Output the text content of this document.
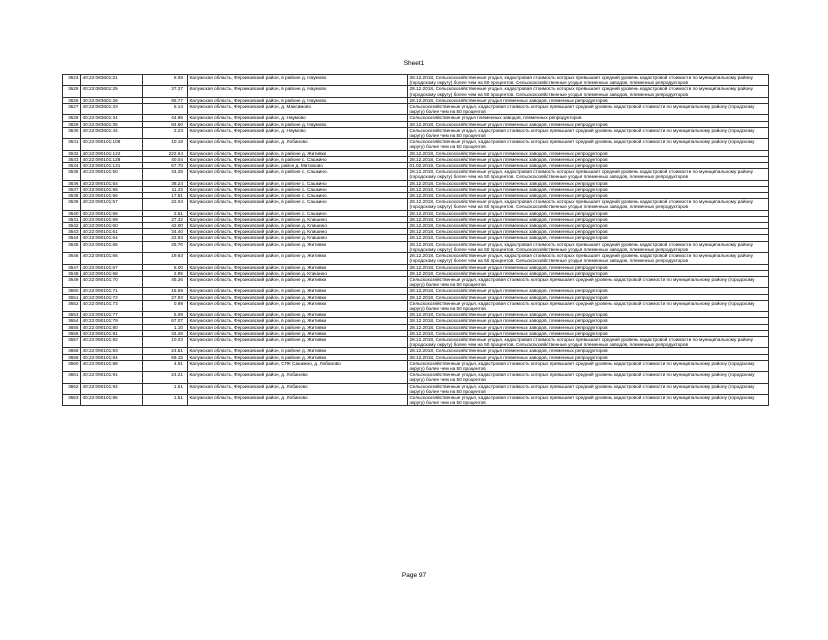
Sheet1
3624	40:22:083601:21	6.08	Калужская область, Ферзиковский район, в районе д. Наумово	28.12.2018, Сельскохозяйственные угодья, кадастровая стоимость которых превышает средний уровень кадастровой стоимости по муниципальному району (городскому округу) более чем на 50 процентов. Сельскохозяйственные угодья племенных заводов, племенных репродукторов
3625	40:22:083601:25	37.27	Калужская область, Ферзиковский район, в районе д. Наумово	28.12.2018, Сельскохозяйственные угодья, кадастровая стоимость которых превышает средний уровень кадастровой стоимости по муниципальному району (городскому округу) более чем на 50 процентов. Сельскохозяйственные угодья племенных заводов, племенных репродукторов
3626	40:22:083601:26	85.77	Калужская область, Ферзиковский район, в районе д. Наумово	28.12.2018, Сельскохозяйственные угодья племенных заводов, племенных репродукторов
3627	40:22:083601:33	5.14	Калужская область, Ферзиковский район, д. Максимово	Сельскохозяйственные угодья, кадастровая стоимость которых превышает средний уровень кадастровой стоимости по муниципальному району (городскому округу) более чем на 50 процентов
3628	40:22:083601:34	44.95	Калужская область, Ферзиковский район, д. Наумово	Сельскохозяйственные угодья племенных заводов, племенных репродукторов
3629	40:22:083601:35	84.60	Калужская область, Ферзиковский район, в районе д. Наумово	28.12.2018, Сельскохозяйственные угодья племенных заводов, племенных репродукторов
3630	40:22:083601:44	2.23	Калужская область, Ферзиковский район, д. Наумово	Сельскохозяйственные угодья, кадастровая стоимость которых превышает средний уровень кадастровой стоимости по муниципальному району (городскому округу) более чем на 50 процентов
3631	40:22:090101:108	10.18	Калужская область, Ферзиковский район, д. Лобаново	Сельскохозяйственные угодья, кадастровая стоимость которых превышает средний уровень кадастровой стоимости по муниципальному району (городскому округу) более чем на 50 процентов
3632	40:22:090101:122	222.64	Калужская область, Ферзиковский район, в районе д. Житивки	28.12.2018, Сельскохозяйственные угодья племенных заводов, племенных репродукторов
3633	40:22:090101:128	40.04	Калужская область, Ферзиковский район, в районе с. Сашкино	28.12.2018, Сельскохозяйственные угодья племенных заводов, племенных репродукторов
3634	40:22:090101:131	67.70	Калужская область, Ферзиковский район, район д. Митюково	01.02.2019, Сельскохозяйственные угодья племенных заводов, племенных репродукторов
3635	40:22:090101:50	34.25	Калужская область, Ферзиковский район, в районе с. Сашкино.	28.12.2018, Сельскохозяйственные угодья, кадастровая стоимость которых превышает средний уровень кадастровой стоимости по муниципальному району (городскому округу) более чем на 50 процентов. Сельскохозяйственные угодья племенных заводов, племенных репродукторов
3636	40:22:090101:54	38.24	Калужская область, Ферзиковский район, в районе с. Сашкино	28.12.2018, Сельскохозяйственные угодья племенных заводов, племенных репродукторов
3637	40:22:090101:55	11.43	Калужская область, Ферзиковский район, в районе с. Сашкино	28.12.2018, Сельскохозяйственные угодья племенных заводов, племенных репродукторов
3638	40:22:090101:56	17.81	Калужская область, Ферзиковский район, в районе с. Сашкино	28.12.2018, Сельскохозяйственные угодья племенных заводов, племенных репродукторов
3639	40:22:090101:57	22.04	Калужская область, Ферзиковский район, в районе с. Сашкино	28.12.2018, Сельскохозяйственные угодья, кадастровая стоимость которых превышает средний уровень кадастровой стоимости по муниципальному району (городскому округу) более чем на 50 процентов. Сельскохозяйственные угодья племенных заводов, племенных репродукторов
3640	40:22:090101:58	2.61	Калужская область, Ферзиковский район, в районе с. Сашкино	28.12.2018, Сельскохозяйственные угодья племенных заводов, племенных репродукторов
3641	40:22:090101:59	27.42	Калужская область, Ферзиковский район, в районе д. Клишино	28.12.2018, Сельскохозяйственные угодья племенных заводов, племенных репродукторов
3642	40:22:090101:60	42.00	Калужская область, Ферзиковский район, в районе д. Клишино	28.12.2018, Сельскохозяйственные угодья племенных заводов, племенных репродукторов
3643	40:22:090101:61	34.40	Калужская область, Ферзиковский район, в районе д. Клишино	28.12.2018, Сельскохозяйственные угодья племенных заводов, племенных репродукторов
3644	40:22:090101:64	22.93	Калужская область, Ферзиковский район, в районе д. Клишино	28.12.2018, Сельскохозяйственные угодья племенных заводов, племенных репродукторов
3645	40:22:090101:65	25.70	Калужская область, Ферзиковский район, в районе д. Житивки	28.12.2018, Сельскохозяйственные угодья, кадастровая стоимость которых превышает средний уровень кадастровой стоимости по муниципальному району (городскому округу) более чем на 50 процентов. Сельскохозяйственные угодья племенных заводов, племенных репродукторов
3646	40:22:090101:66	19.63	Калужская область, Ферзиковский район, в районе д. Житивки	28.12.2018, Сельскохозяйственные угодья, кадастровая стоимость которых превышает средний уровень кадастровой стоимости по муниципальному району (городскому округу) более чем на 50 процентов. Сельскохозяйственные угодья племенных заводов, племенных репродукторов
3647	40:22:090101:67	6.00	Калужская область, Ферзиковский район, в районе д. Житивки	28.12.2018, Сельскохозяйственные угодья племенных заводов, племенных репродукторов
3648	40:22:090101:68	2.95	Калужская область, Ферзиковский район, в районе д. Клишино	28.12.2018, Сельскохозяйственные угодья племенных заводов, племенных репродукторов
3649	40:22:090101:70	45.26	Калужская область, Ферзиковский район, в районе д. Житивки	Сельскохозяйственные угодья, кадастровая стоимость которых превышает средний уровень кадастровой стоимости по муниципальному району (городскому округу) более чем на 50 процентов
3650	40:22:090101:71	16.59	Калужская область, Ферзиковский район, в районе д. Житивки	28.12.2018, Сельскохозяйственные угодья племенных заводов, племенных репродукторов
3651	40:22:090101:72	27.93	Калужская область, Ферзиковский район, в районе д. Житивки	28.12.2018, Сельскохозяйственные угодья племенных заводов, племенных репродукторов
3652	40:22:090101:73	0.89	Калужская область, Ферзиковский район, в районе д. Житивки	Сельскохозяйственные угодья, кадастровая стоимость которых превышает средний уровень кадастровой стоимости по муниципальному району (городскому округу) более чем на 50 процентов
3653	40:22:090101:77	5.09	Калужская область, Ферзиковский район, в районе д. Житивки	28.12.2018, Сельскохозяйственные угодья племенных заводов, племенных репродукторов
3654	40:22:090101:79	67.07	Калужская область, Ферзиковский район, в районе д. Житивки	28.12.2018, Сельскохозяйственные угодья племенных заводов, племенных репродукторов
3655	40:22:090101:80	1.10	Калужская область, Ферзиковский район, в районе д. Житивки	28.12.2018, Сельскохозяйственные угодья племенных заводов, племенных репродукторов
3656	40:22:090101:81	34.26	Калужская область, Ферзиковский район, в районе д. Житивки	28.12.2018, Сельскохозяйственные угодья племенных заводов, племенных репродукторов
3657	40:22:090101:82	10.03	Калужская область, Ферзиковский район, в районе д. Житивки	28.12.2018, Сельскохозяйственные угодья, кадастровая стоимость которых превышает средний уровень кадастровой стоимости по муниципальному району (городскому округу) более чем на 50 процентов. Сельскохозяйственные угодья племенных заводов, племенных репродукторов
3658	40:22:090101:83	24.61	Калужская область, Ферзиковский район, в районе д. Житивки	28.12.2018, Сельскохозяйственные угодья племенных заводов, племенных репродукторов
3659	40:22:090101:84	69.15	Калужская область, Ферзиковский район, в районе д. Житивки	28.12.2018, Сельскохозяйственные угодья племенных заводов, племенных репродукторов
3660	40:22:090101:88	4.91	Калужская область, Ферзиковский район, СПК Сашкино, д. Лобаново	Сельскохозяйственные угодья, кадастровая стоимость которых превышает средний уровень кадастровой стоимости по муниципальному району (городскому округу) более чем на 50 процентов
3661	40:22:090101:91	24.21	Калужская область, Ферзиковский район, д. Лобаново	Сельскохозяйственные угодья, кадастровая стоимость которых превышает средний уровень кадастровой стоимости по муниципальному району (городскому округу) более чем на 50 процентов
3662	40:22:090101:94	1.51	Калужская область, Ферзиковский район, д. Лобаново	Сельскохозяйственные угодья, кадастровая стоимость которых превышает средний уровень кадастровой стоимости по муниципальному району (городскому округу) более чем на 50 процентов
3663	40:22:090101:96	1.51	Калужская область, Ферзиковский район, д. Лобаново	Сельскохозяйственные угодья, кадастровая стоимость которых превышает средний уровень кадастровой стоимости по муниципальному району (городскому округу) более чем на 50 процентов
Page 97
